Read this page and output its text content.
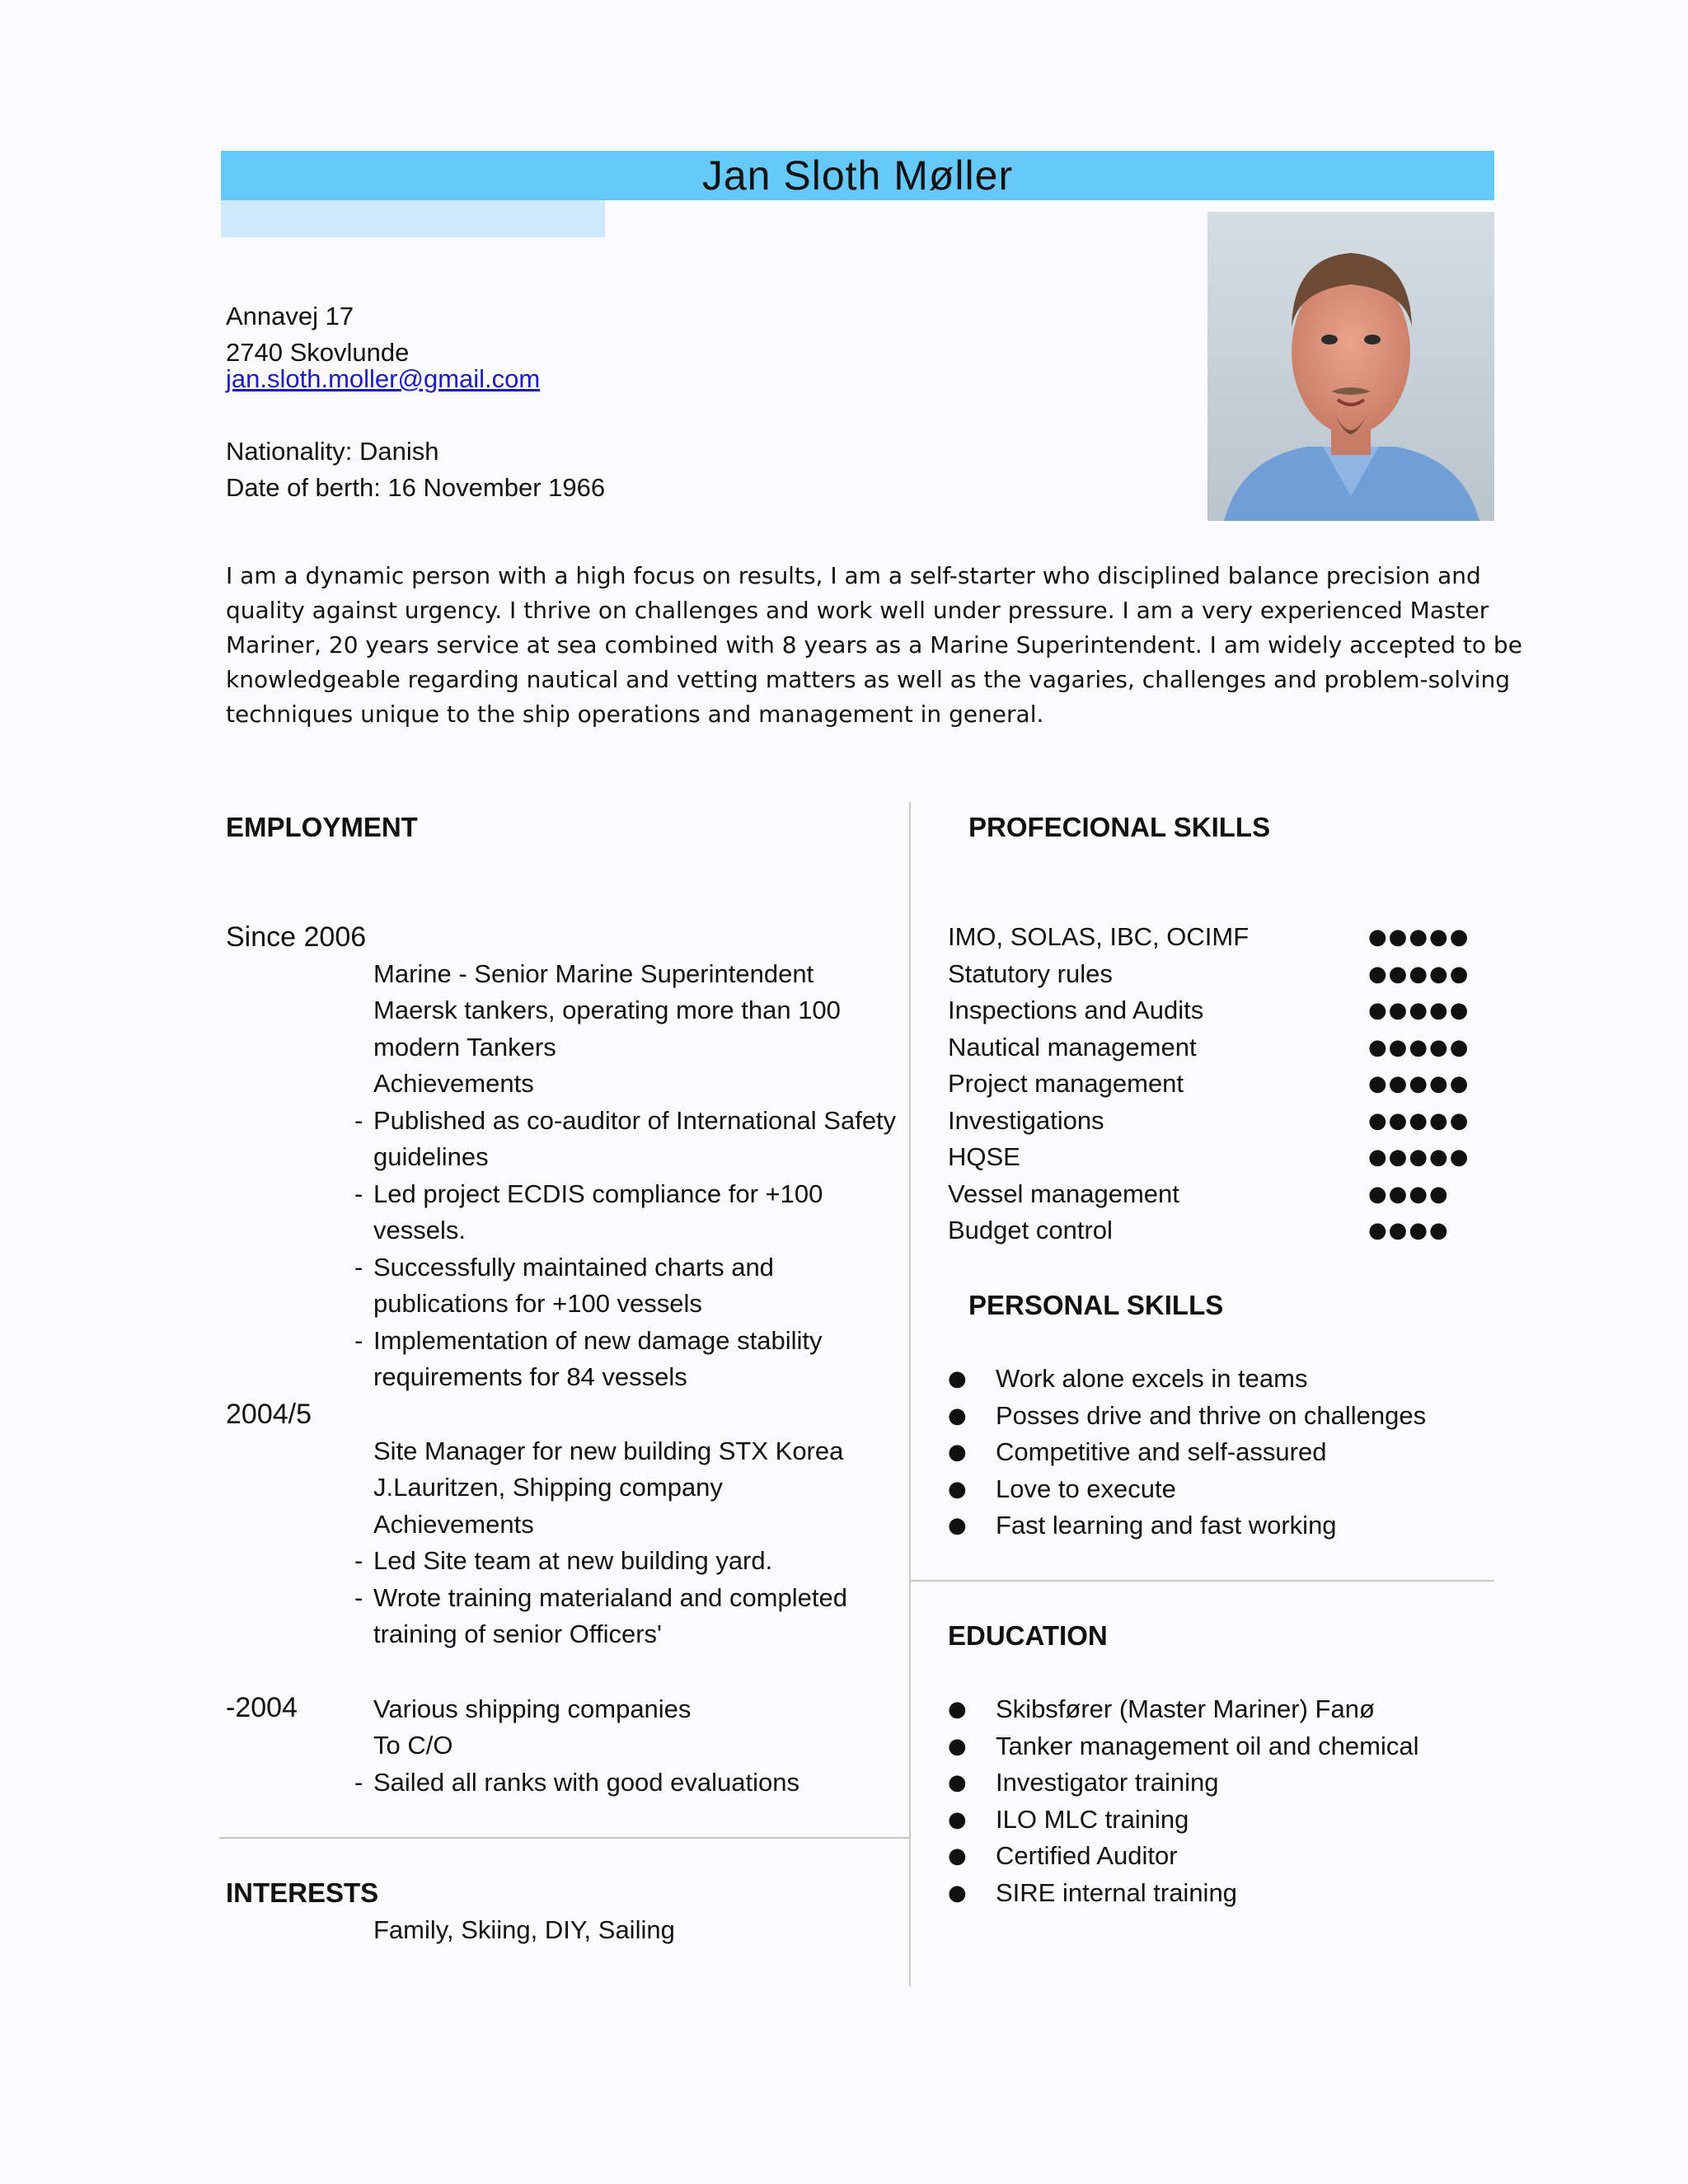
Jan Sloth Møller
Annavej 17
2740 Skovlunde
jan.sloth.moller@gmail.com
Nationality: Danish
Date of berth: 16 November 1966
I am a dynamic person with a high focus on results, I am a self-starter who disciplined balance precision and
quality against urgency. I thrive on challenges and work well under pressure. I am a very experienced Master
Mariner, 20 years service at sea combined with 8 years as a Marine Superintendent. I am widely accepted to be
knowledgeable regarding nautical and vetting matters as well as the vagaries, challenges and problem-solving
techniques unique to the ship operations and management in general.
EMPLOYMENT
Since 2006
Marine - Senior Marine Superintendent
Maersk tankers, operating more than 100
modern Tankers
Achievements
- Published as co-auditor of International Safety
guidelines
- Led project ECDIS compliance for +100
vessels.
- Successfully maintained charts and
publications for +100 vessels
- Implementation of new damage stability
requirements for 84 vessels
2004/5
Site Manager for new building STX Korea
J.Lauritzen, Shipping company
Achievements
- Led Site team at new building yard.
- Wrote training materialand and completed
training of senior Officers'
-2004	Various shipping companies
To C/O
- Sailed all ranks with good evaluations
INTERESTS
Family, Skiing, DIY, Sailing
PROFECIONAL SKILLS
IMO, SOLAS, IBC, OCIMF	●●●●●
Statutory rules	●●●●●
Inspections and Audits	●●●●●
Nautical management	●●●●●
Project management	●●●●●
Investigations	●●●●●
HQSE	●●●●●
Vessel management	●●●●
Budget control	●●●●
PERSONAL SKILLS
● Work alone excels in teams
● Posses drive and thrive on challenges
● Competitive and self-assured
● Love to execute
● Fast learning and fast working
EDUCATION
● Skibsfører (Master Mariner) Fanø
● Tanker management oil and chemical
● Investigator training
● ILO MLC training
● Certified Auditor
● SIRE internal training
